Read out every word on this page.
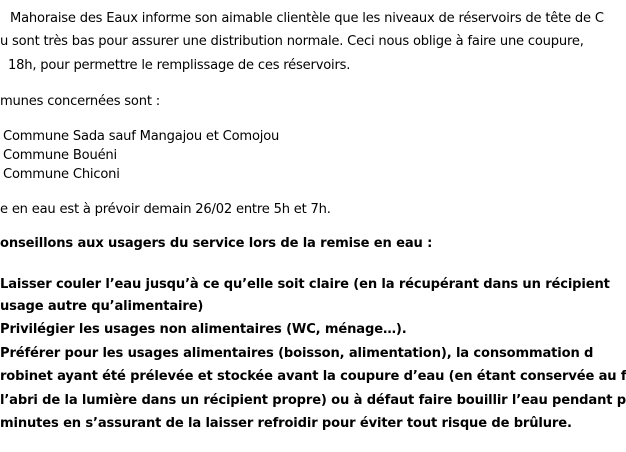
Mahoraise des Eaux informe son aimable clientèle que les niveaux de réservoirs de tête de C
u sont très bas pour assurer une distribution normale. Ceci nous oblige à faire une coupure,
18h, pour permettre le remplissage de ces réservoirs.
munes concernées sont :
Commune Sada sauf Mangajou et Comojou
Commune Bouéni
Commune Chiconi
e en eau est à prévoir demain 26/02 entre 5h et 7h.
onseillons aux usagers du service lors de la remise en eau :
Laisser couler l’eau jusqu’à ce qu’elle soit claire (en la récupérant dans un récipient
usage autre qu’alimentaire)
Privilégier les usages non alimentaires (WC, ménage…).
Préférer pour les usages alimentaires (boisson, alimentation), la consommation d
robinet ayant été prélevée et stockée avant la coupure d’eau (en étant conservée au f
l’abri de la lumière dans un récipient propre) ou à défaut faire bouillir l’eau pendant p
minutes en s’assurant de la laisser refroidir pour éviter tout risque de brûlure.
